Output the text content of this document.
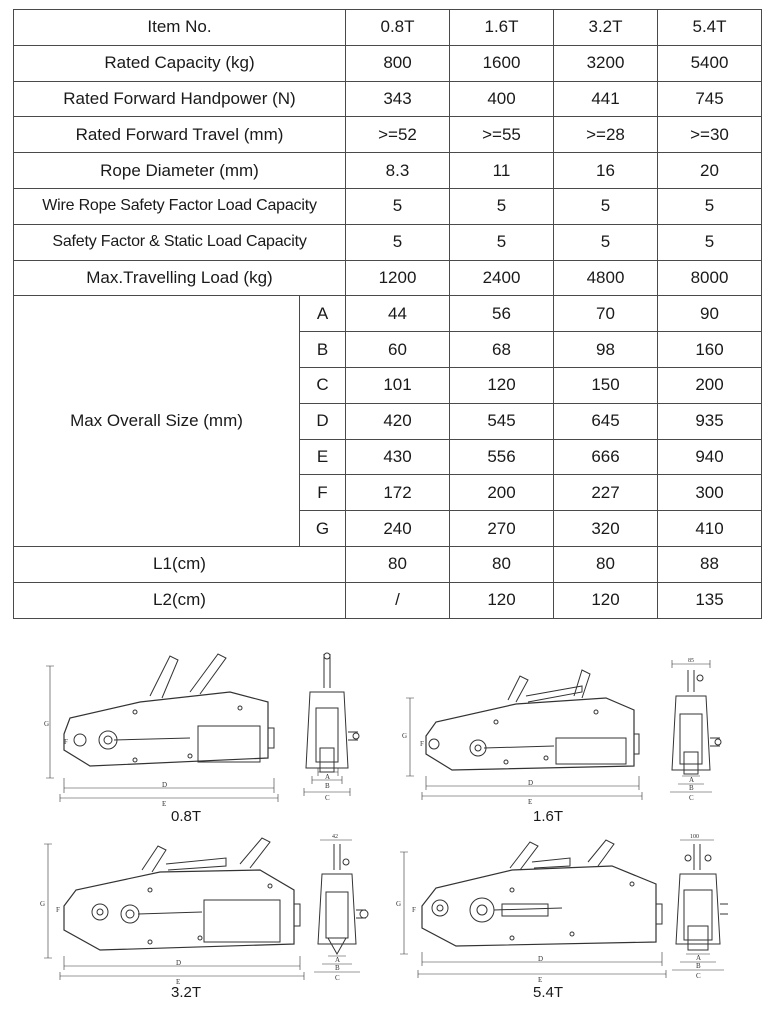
Item No.		0.8T	1.6T	3.2T	5.4T
Rated Capacity (kg)		800	1600	3200	5400
Rated Forward Handpower (N)		343	400	441	745
Rated Forward Travel (mm)		>=52	>=55	>=28	>=30
Rope Diameter (mm)		8.3	11	16	20
Wire Rope Safety Factor Load Capacity		5	5	5	5
Safety Factor & Static Load Capacity		5	5	5	5
Max.Travelling Load (kg)		1200	2400	4800	8000
Max Overall Size (mm)	A	44	56	70	90
	B	60	68	98	160
	C	101	120	150	200
	D	420	545	645	935
	E	430	556	666	940
	F	172	200	227	300
	G	240	270	320	410
L1(cm)		80	80	80	88
L2(cm)		/	120	120	135
G
F
D
E
A
B
C
0.8T
G
F
D
E
85
A
B
C
1.6T
G
F
D
E
42
A
B
C
3.2T
G
F
D
E
100
A
B
C
5.4T
